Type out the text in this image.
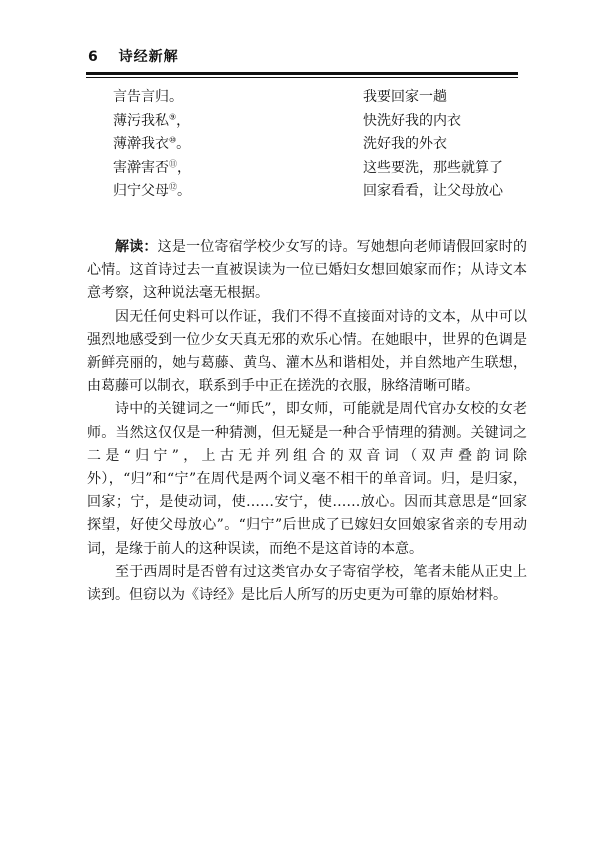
6 诗经新解
言告言归。	我要回家一趟
薄污我私⑨，	快洗好我的内衣
薄澣我衣⑩。	洗好我的外衣
害澣害否⑪，	这些要洗，那些就算了
归宁父母⑫。	回家看看，让父母放心

解读：这是一位寄宿学校少女写的诗。写她想向老师请假回家时的心情。这首诗过去一直被误读为一位已婚妇女想回娘家而作；从诗文本意考察，这种说法毫无根据。

因无任何史料可以作证，我们不得不直接面对诗的文本，从中可以强烈地感受到一位少女天真无邪的欢乐心情。在她眼中，世界的色调是新鲜亮丽的，她与葛藤、黄鸟、灌木丛和谐相处，并自然地产生联想，由葛藤可以制衣，联系到手中正在搓洗的衣服，脉络清晰可睹。

诗中的关键词之一“师氏”，即女师，可能就是周代官办女校的女老师。当然这仅仅是一种猜测，但无疑是一种合乎情理的猜测。关键词之二是“归宁”，上古无并列组合的双音词（双声叠韵词除外），“归”和“宁”在周代是两个词义毫不相干的单音词。归，是归家，回家；宁，是使动词，使……安宁，使……放心。因而其意思是“回家探望，好使父母放心”。“归宁”后世成了已嫁妇女回娘家省亲的专用动词，是缘于前人的这种误读，而绝不是这首诗的本意。

至于西周时是否曾有过这类官办女子寄宿学校，笔者未能从正史上读到。但窃以为《诗经》是比后人所写的历史更为可靠的原始材料。
